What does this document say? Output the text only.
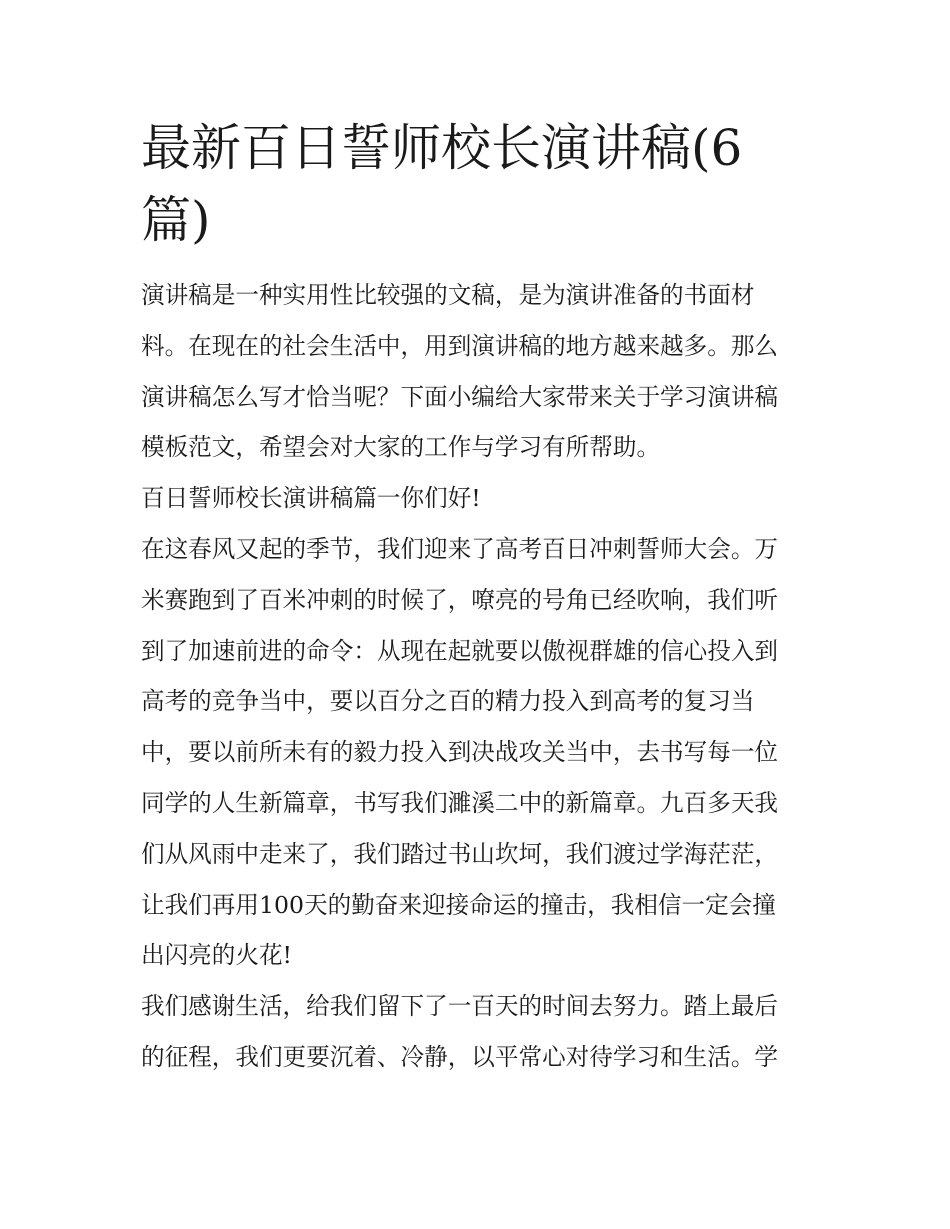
最新百日誓师校长演讲稿(6
篇)

演讲稿是一种实用性比较强的文稿，是为演讲准备的书面材
料。在现在的社会生活中，用到演讲稿的地方越来越多。那么
演讲稿怎么写才恰当呢？下面小编给大家带来关于学习演讲稿
模板范文，希望会对大家的工作与学习有所帮助。

百日誓师校长演讲稿篇一你们好!

在这春风又起的季节，我们迎来了高考百日冲刺誓师大会。万
米赛跑到了百米冲刺的时候了，嘹亮的号角已经吹响，我们听
到了加速前进的命令：从现在起就要以傲视群雄的信心投入到
高考的竞争当中，要以百分之百的精力投入到高考的复习当
中，要以前所未有的毅力投入到决战攻关当中，去书写每一位
同学的人生新篇章，书写我们濉溪二中的新篇章。九百多天我
们从风雨中走来了，我们踏过书山坎坷，我们渡过学海茫茫，
让我们再用100天的勤奋来迎接命运的撞击，我相信一定会撞
出闪亮的火花!

我们感谢生活，给我们留下了一百天的时间去努力。踏上最后
的征程，我们更要沉着、冷静，以平常心对待学习和生活。学
